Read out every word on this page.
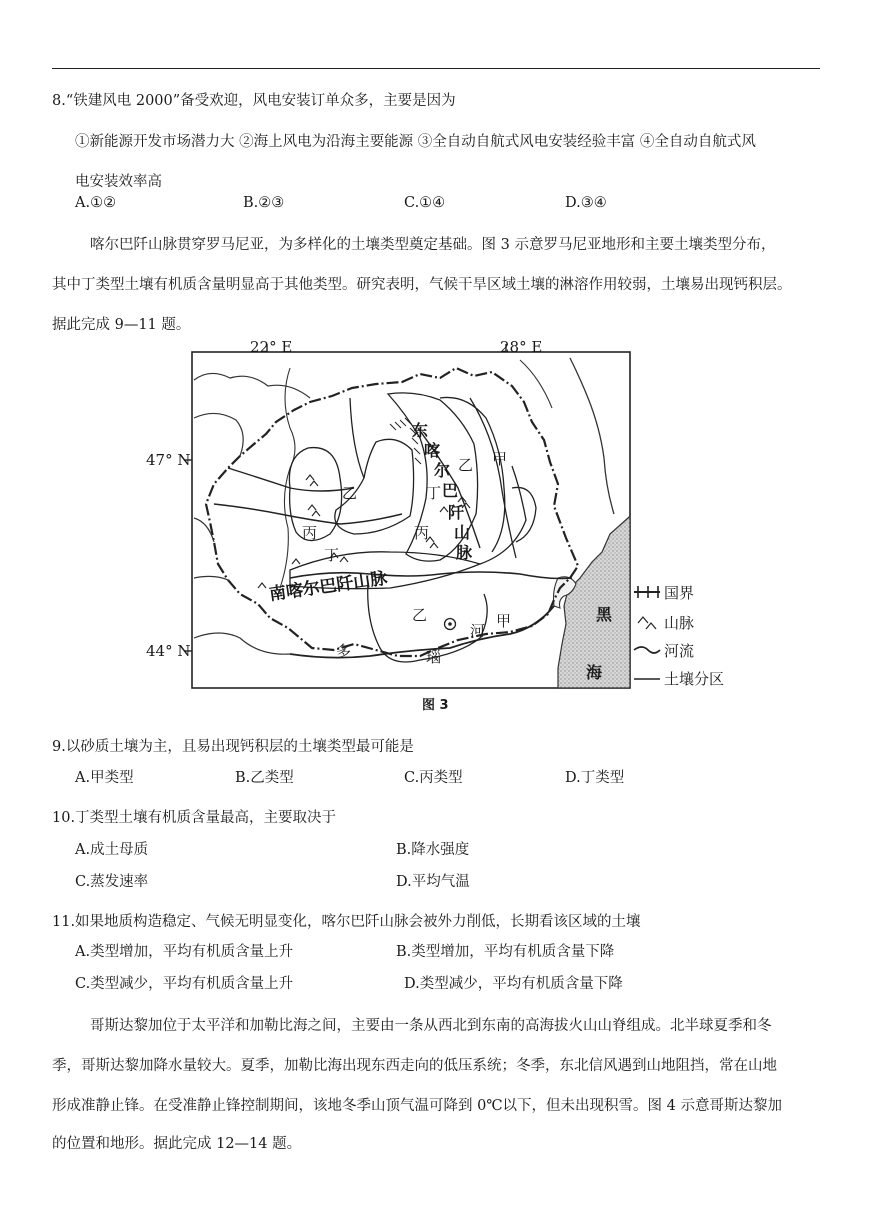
8.“铁建风电 2000”备受欢迎，风电安装订单众多，主要是因为
①新能源开发市场潜力大 ②海上风电为沿海主要能源 ③全自动自航式风电安装经验丰富 ④全自动自航式风
电安装效率高
A.①②	B.②③	C.①④	D.③④
喀尔巴阡山脉贯穿罗马尼亚，为多样化的土壤类型奠定基础。图 3 示意罗马尼亚地形和主要土壤类型分布，
其中丁类型土壤有机质含量明显高于其他类型。研究表明，气候干旱区域土壤的淋溶作用较弱，土壤易出现钙积层。
据此完成 9—11 题。
22° E	28° E
47° N
44° N
乙
乙
乙
甲
甲
丙	丙
丁
丁
东
喀
尔
巴
阡
山
脉
南喀尔巴阡山脉
河
多	瑙
黑
海
国界
山脉
河流
土壤分区
图 3
9.以砂质土壤为主，且易出现钙积层的土壤类型最可能是
A.甲类型	B.乙类型	C.丙类型	D.丁类型
10.丁类型土壤有机质含量最高，主要取决于
A.成土母质	B.降水强度
C.蒸发速率	D.平均气温
11.如果地质构造稳定、气候无明显变化，喀尔巴阡山脉会被外力削低，长期看该区域的土壤
A.类型增加，平均有机质含量上升	B.类型增加，平均有机质含量下降
C.类型减少，平均有机质含量上升	D.类型减少，平均有机质含量下降
哥斯达黎加位于太平洋和加勒比海之间，主要由一条从西北到东南的高海拔火山山脊组成。北半球夏季和冬
季，哥斯达黎加降水量较大。夏季，加勒比海出现东西走向的低压系统；冬季，东北信风遇到山地阻挡，常在山地
形成准静止锋。在受准静止锋控制期间，该地冬季山顶气温可降到 0℃以下，但未出现积雪。图 4 示意哥斯达黎加
的位置和地形。据此完成 12—14 题。
